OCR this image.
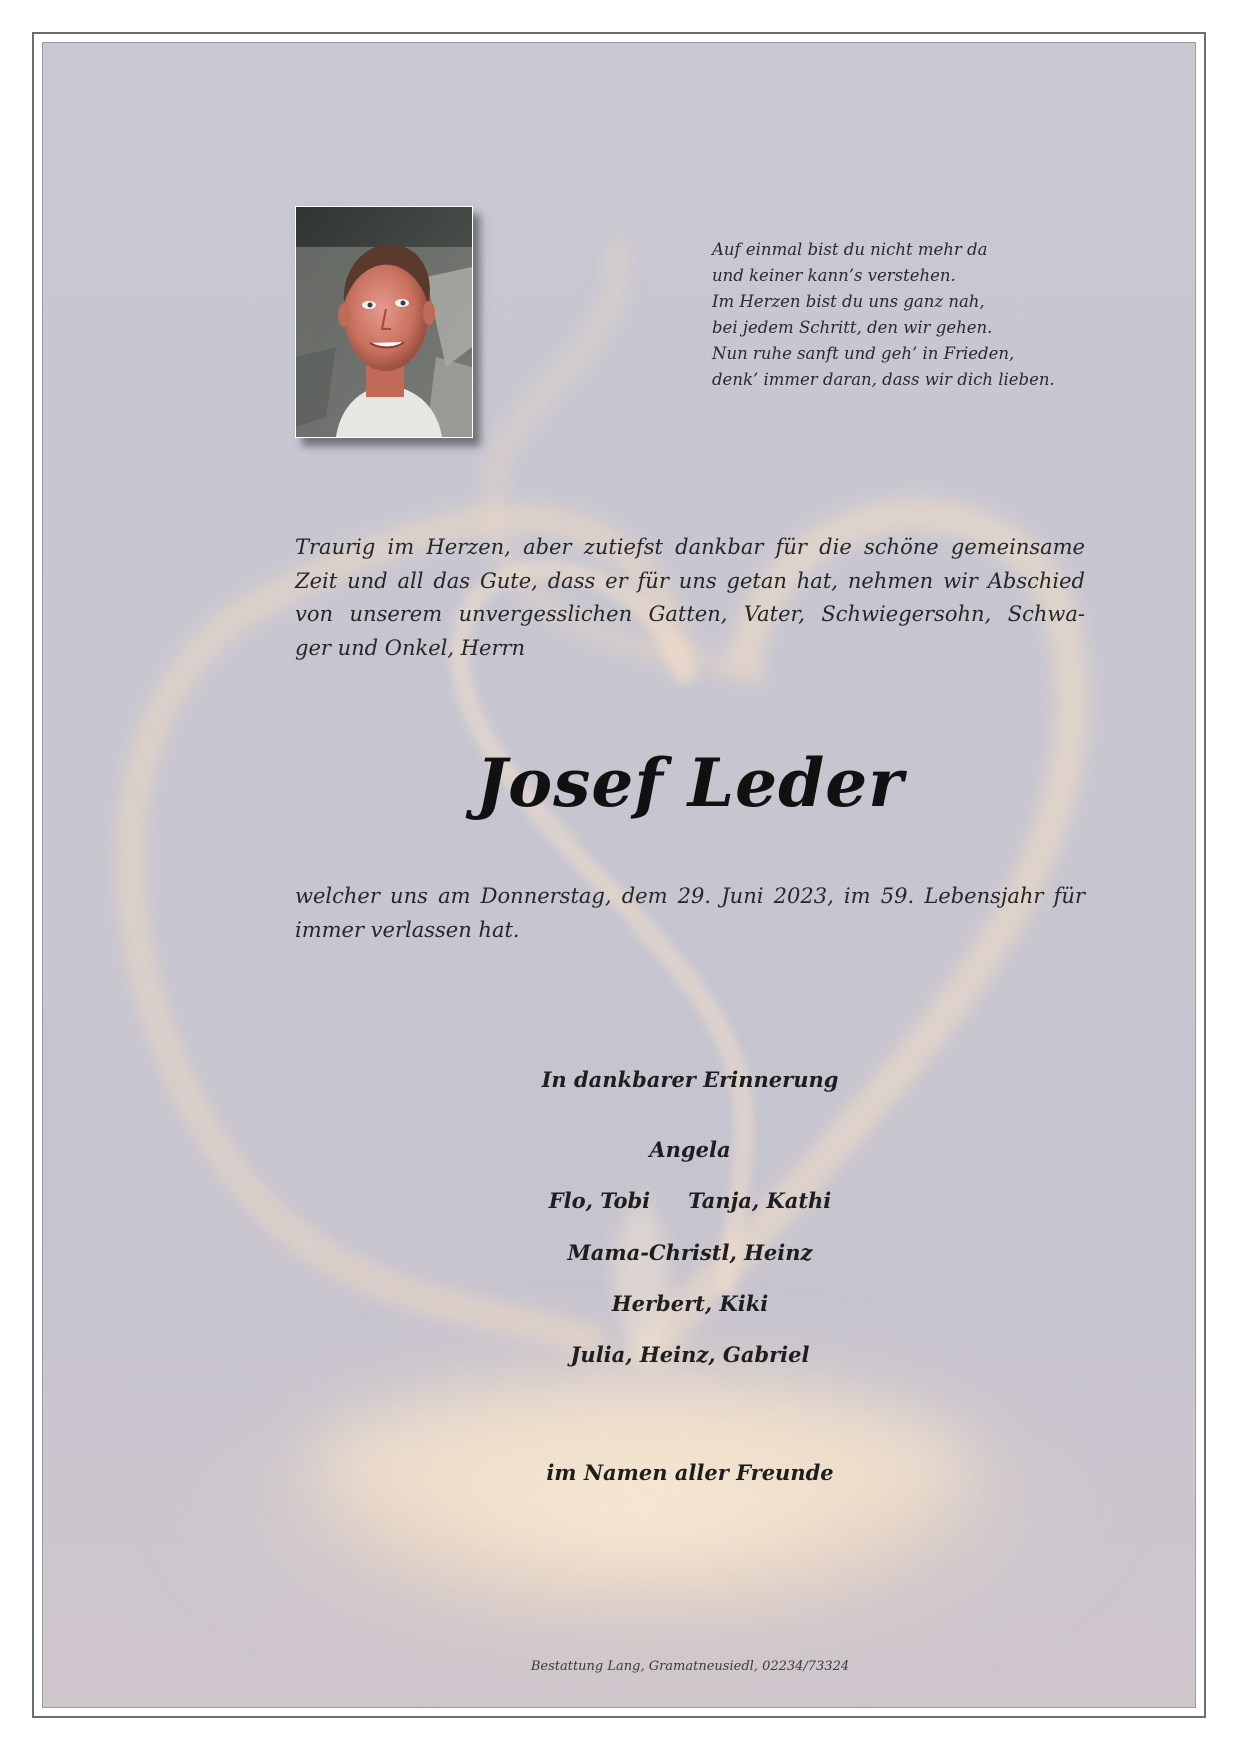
Auf einmal bist du nicht mehr da
und keiner kann’s verstehen.
Im Herzen bist du uns ganz nah,
bei jedem Schritt, den wir gehen.
Nun ruhe sanft und geh’ in Frieden,
denk’ immer daran, dass wir dich lieben.
Traurig im Herzen, aber zutiefst dankbar für die schöne gemeinsame
Zeit und all das Gute, dass er für uns getan hat, nehmen wir Abschied
von unserem unvergesslichen Gatten, Vater, Schwiegersohn, Schwa-
ger und Onkel, Herrn
Josef Leder
welcher uns am Donnerstag, dem 29. Juni 2023, im 59. Lebensjahr für
immer verlassen hat.
In dankbarer Erinnerung
Angela
Flo, Tobi Tanja, Kathi
Mama-Christl, Heinz
Herbert, Kiki
Julia, Heinz, Gabriel
im Namen aller Freunde
Bestattung Lang, Gramatneusiedl, 02234/73324
